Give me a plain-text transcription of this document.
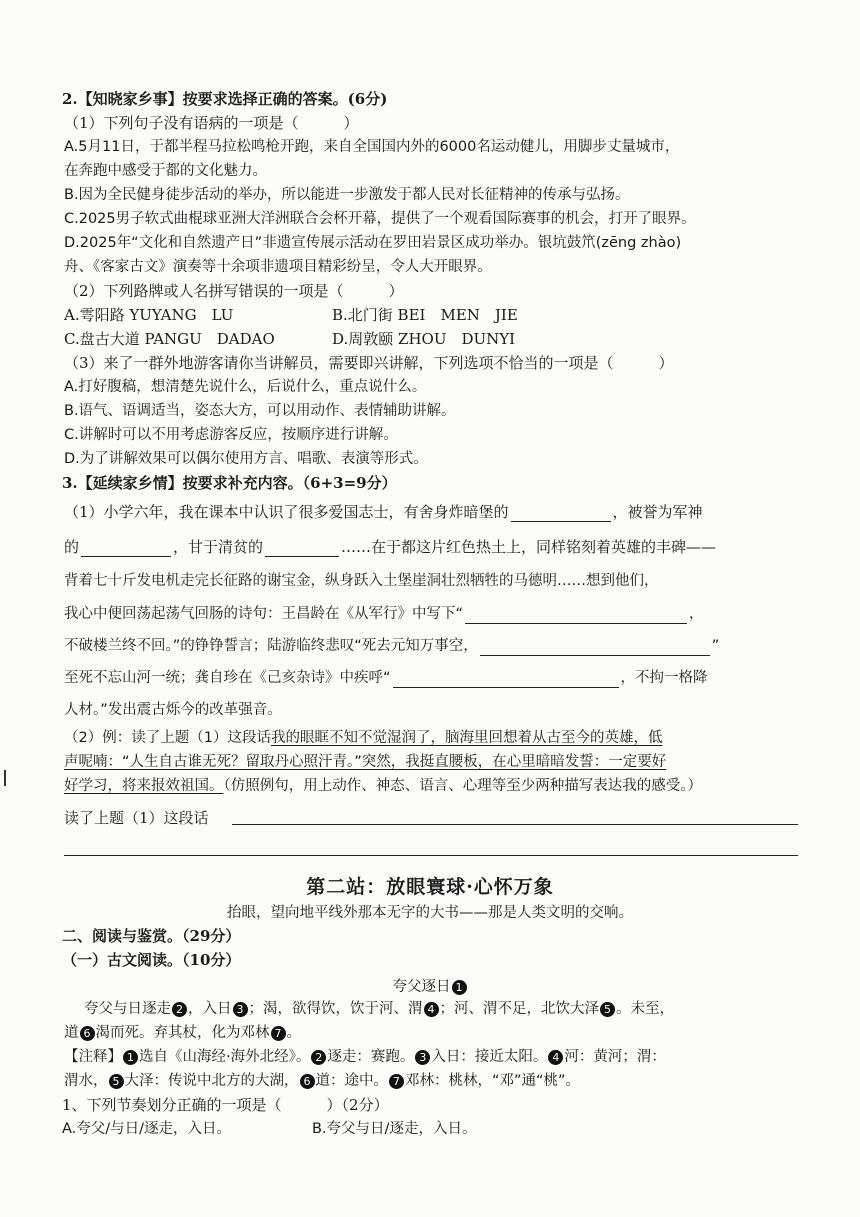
2.【知晓家乡事】按要求选择正确的答案。(6分)
（1）下列句子没有语病的一项是（　　　）
A.5月11日，于都半程马拉松鸣枪开跑，来自全国国内外的6000名运动健儿，用脚步丈量城市，
在奔跑中感受于都的文化魅力。
B.因为全民健身徒步活动的举办，所以能进一步激发于都人民对长征精神的传承与弘扬。
C.2025男子软式曲棍球亚洲大洋洲联合会杯开幕，提供了一个观看国际赛事的机会，打开了眼界。
D.2025年“文化和自然遗产日”非遗宣传展示活动在罗田岩景区成功举办。银坑鼓笊(zēng zhào)
舟、《客家古文》演奏等十余项非遗项目精彩纷呈，令人大开眼界。
（2）下列路牌或人名拼写错误的一项是（　　　）
A.雩阳路 YUYANG　LU	B.北门街 BEI　MEN　JIE
C.盘古大道 PANGU　DADAO	D.周敦颐 ZHOU　DUNYI
（3）来了一群外地游客请你当讲解员，需要即兴讲解，下列选项不恰当的一项是（　　　）
A.打好腹稿，想清楚先说什么，后说什么，重点说什么。
B.语气、语调适当，姿态大方，可以用动作、表情辅助讲解。
C.讲解时可以不用考虑游客反应，按顺序进行讲解。
D.为了讲解效果可以偶尔使用方言、唱歌、表演等形式。
3.【延续家乡情】按要求补充内容。（6+3=9分）
（1）小学六年，我在课本中认识了很多爱国志士，有舍身炸暗堡的	，被誉为军神
的	，甘于清贫的	……在于都这片红色热土上，同样铭刻着英雄的丰碑——
背着七十斤发电机走完长征路的谢宝金，纵身跃入土堡崖洞壮烈牺牲的马德明……想到他们，
我心中便回荡起荡气回肠的诗句：王昌龄在《从军行》中写下“	，
不破楼兰终不回。”的铮铮誓言；陆游临终悲叹“死去元知万事空，	”
至死不忘山河一统；龚自珍在《己亥杂诗》中疾呼“	，不拘一格降
人材。”发出震古烁今的改革强音。
（2）例：读了上题（1）这段话我的眼眶不知不觉湿润了，脑海里回想着从古至今的英雄，低
声呢喃：“人生自古谁无死？留取丹心照汗青。”突然，我挺直腰板，在心里暗暗发誓：一定要好
好学习，将来报效祖国。（仿照例句，用上动作、神态、语言、心理等至少两种描写表达我的感受。）
读了上题（1）这段话
第二站：放眼寰球·心怀万象
抬眼，望向地平线外那本无字的大书——那是人类文明的交响。
二、阅读与鉴赏。（29分）
（一）古文阅读。（10分）
夸父逐日 1
夸父与日逐走 2 ，入日 3 ；渴，欲得饮，饮于河、渭 4 ；河、渭不足，北饮大泽 5 。未至，
道 6 渴而死。弃其杖，化为邓林 7 。
【注释】 1 选自《山海经·海外北经》。 2 逐走：赛跑。 3 入日：接近太阳。 4 河：黄河；渭：
渭水， 5 大泽：传说中北方的大湖， 6 道：途中。 7 邓林：桃林，“邓”通“桃”。
1、下列节奏划分正确的一项是（　　　）（2分）
A.夸父/与日/逐走，入日。	B.夸父与日/逐走，入日。
